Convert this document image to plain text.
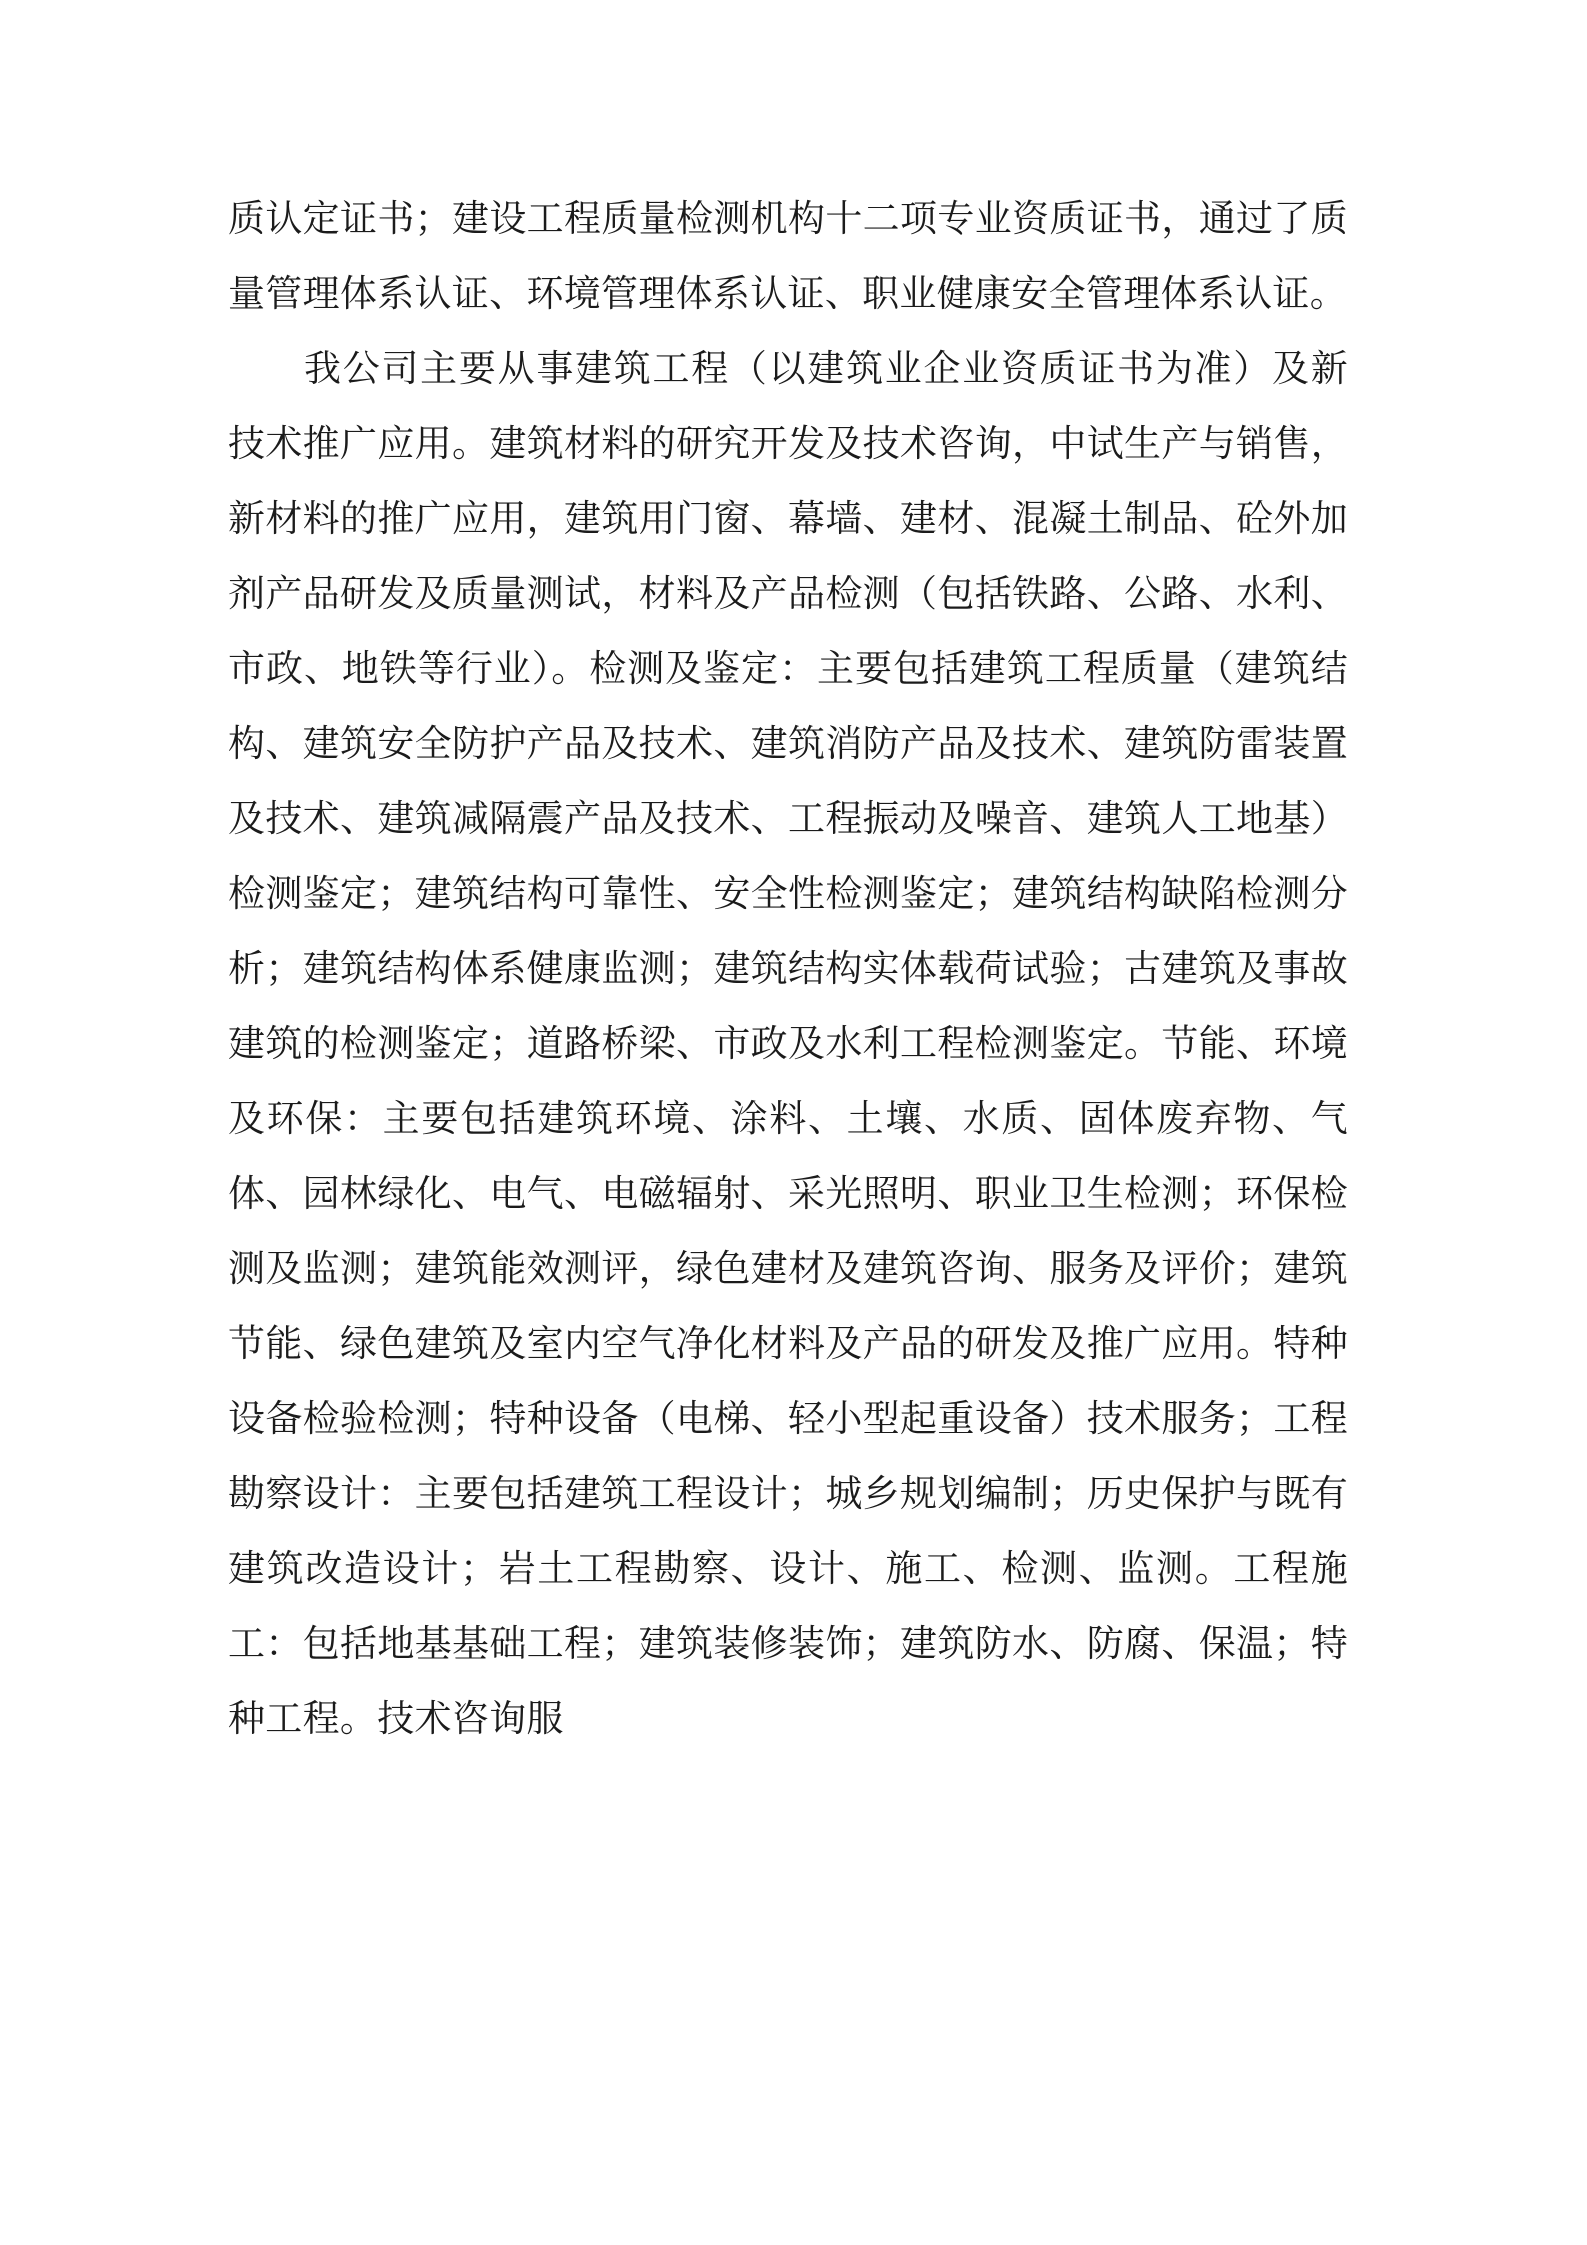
质认定证书；建设工程质量检测机构十二项专业资质证书，通过了质量管理体系认证、环境管理体系认证、职业健康安全管理体系认证。

我公司主要从事建筑工程（以建筑业企业资质证书为准）及新技术推广应用。建筑材料的研究开发及技术咨询，中试生产与销售，新材料的推广应用，建筑用门窗、幕墙、建材、混凝土制品、砼外加剂产品研发及质量测试，材料及产品检测（包括铁路、公路、水利、市政、地铁等行业）。检测及鉴定：主要包括建筑工程质量（建筑结构、建筑安全防护产品及技术、建筑消防产品及技术、建筑防雷装置及技术、建筑减隔震产品及技术、工程振动及噪音、建筑人工地基）检测鉴定；建筑结构可靠性、安全性检测鉴定；建筑结构缺陷检测分析；建筑结构体系健康监测；建筑结构实体载荷试验；古建筑及事故建筑的检测鉴定；道路桥梁、市政及水利工程检测鉴定。节能、环境及环保：主要包括建筑环境、涂料、土壤、水质、固体废弃物、气体、园林绿化、电气、电磁辐射、采光照明、职业卫生检测；环保检测及监测；建筑能效测评，绿色建材及建筑咨询、服务及评价；建筑节能、绿色建筑及室内空气净化材料及产品的研发及推广应用。特种设备检验检测；特种设备（电梯、轻小型起重设备）技术服务；工程勘察设计：主要包括建筑工程设计；城乡规划编制；历史保护与既有建筑改造设计；岩土工程勘察、设计、施工、检测、监测。工程施工：包括地基基础工程；建筑装修装饰；建筑防水、防腐、保温；特种工程。技术咨询服
